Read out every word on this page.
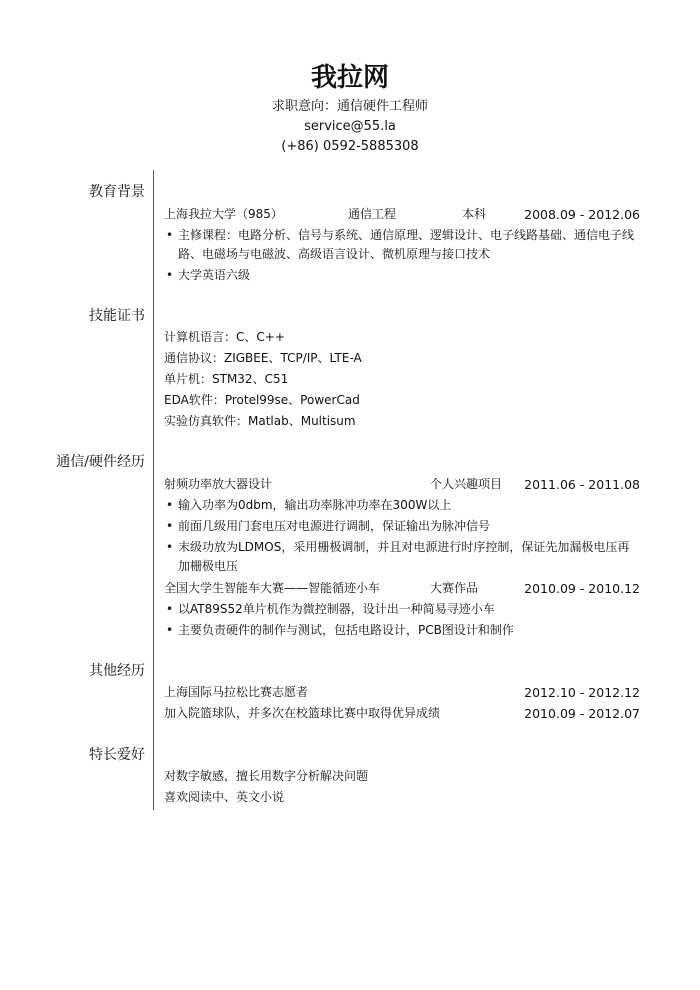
我拉网
求职意向：通信硬件工程师
service@55.la
(+86) 0592-5885308
教育背景
上海我拉大学（985）	通信工程	本科	2008.09 - 2012.06
• 主修课程：电路分析、信号与系统、通信原理、逻辑设计、电子线路基础、通信电子线路、电磁场与电磁波、高级语言设计、微机原理与接口技术
• 大学英语六级
技能证书
计算机语言：C、C++
通信协议：ZIGBEE、TCP/IP、LTE-A
单片机：STM32、C51
EDA软件：Protel99se、PowerCad
实验仿真软件：Matlab、Multisum
通信/硬件经历
射频功率放大器设计	个人兴趣项目 2011.06 - 2011.08
• 输入功率为0dbm，输出功率脉冲功率在300W以上
• 前面几级用门套电压对电源进行调制，保证输出为脉冲信号
• 末级功放为LDMOS，采用栅极调制，并且对电源进行时序控制，保证先加漏极电压再加栅极电压
全国大学生智能车大赛——智能循迹小车	大赛作品	2010.09 - 2010.12
• 以AT89S52单片机作为微控制器，设计出一种简易寻迹小车
• 主要负责硬件的制作与测试，包括电路设计，PCB图设计和制作
其他经历
上海国际马拉松比赛志愿者	2012.10 - 2012.12
加入院篮球队，并多次在校篮球比赛中取得优异成绩	2010.09 - 2012.07
特长爱好
对数字敏感，擅长用数字分析解决问题
喜欢阅读中、英文小说
